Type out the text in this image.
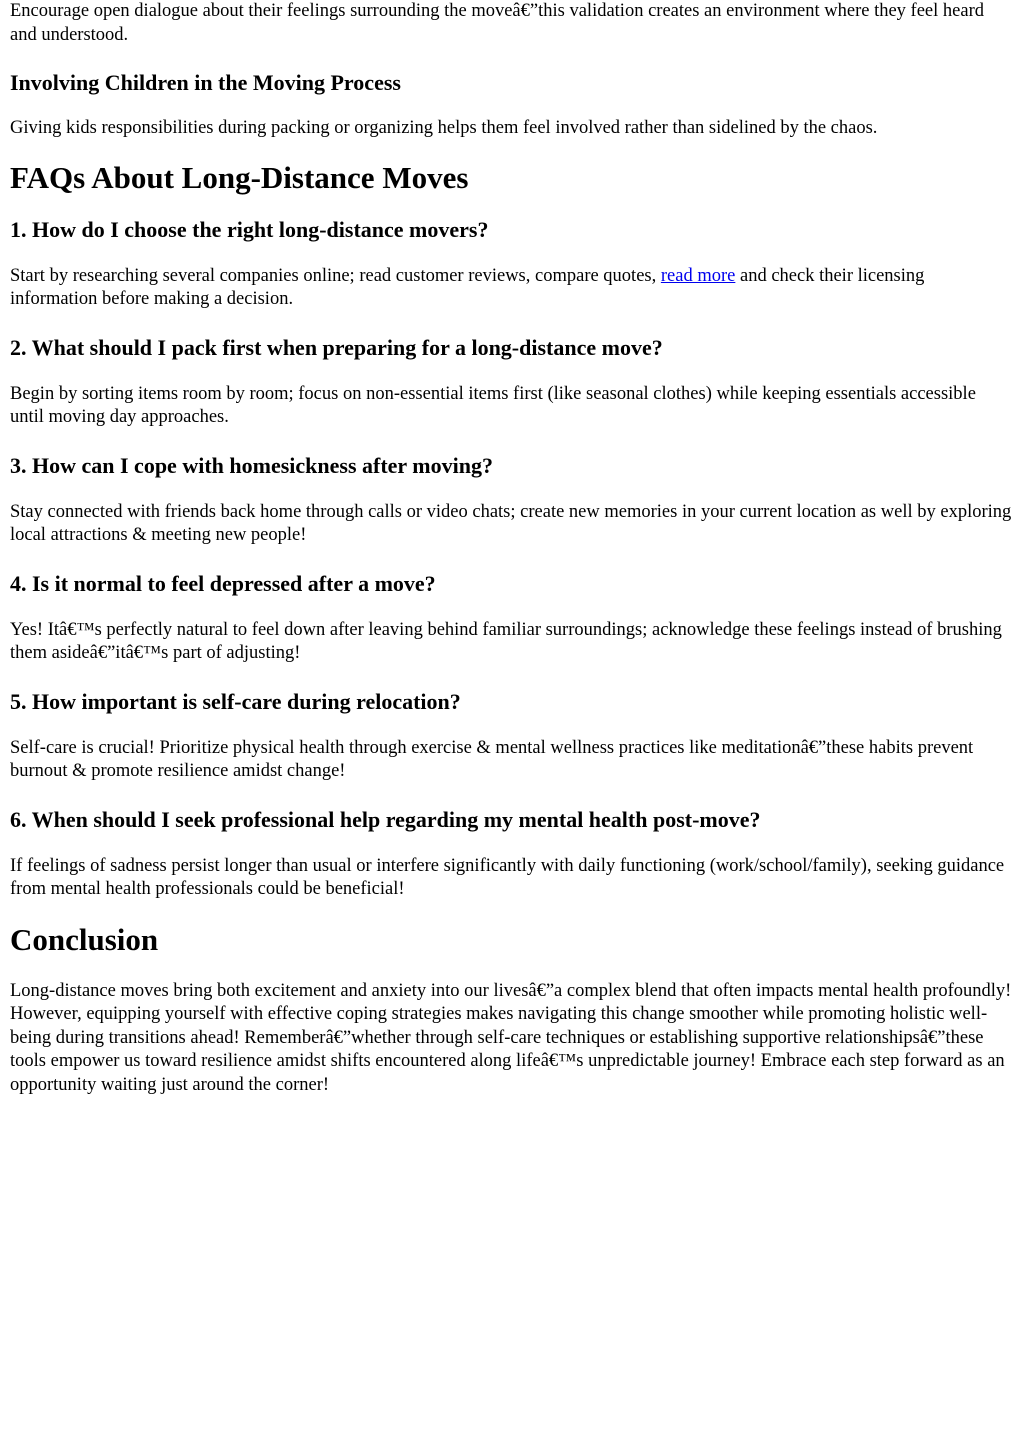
Encourage open dialogue about their feelings surrounding the moveâ€”this validation creates an environment where they feel heard and understood.

Involving Children in the Moving Process

Giving kids responsibilities during packing or organizing helps them feel involved rather than sidelined by the chaos.

FAQs About Long-Distance Moves
1. How do I choose the right long-distance movers?

Start by researching several companies online; read customer reviews, compare quotes, read more and check their licensing information before making a decision.

2. What should I pack first when preparing for a long-distance move?

Begin by sorting items room by room; focus on non-essential items first (like seasonal clothes) while keeping essentials accessible until moving day approaches.

3. How can I cope with homesickness after moving?

Stay connected with friends back home through calls or video chats; create new memories in your current location as well by exploring local attractions & meeting new people!

4. Is it normal to feel depressed after a move?

Yes! Itâ€™s perfectly natural to feel down after leaving behind familiar surroundings; acknowledge these feelings instead of brushing them asideâ€”itâ€™s part of adjusting!

5. How important is self-care during relocation?

Self-care is crucial! Prioritize physical health through exercise & mental wellness practices like meditationâ€”these habits prevent burnout & promote resilience amidst change!

6. When should I seek professional help regarding my mental health post-move?

If feelings of sadness persist longer than usual or interfere significantly with daily functioning (work/school/family), seeking guidance from mental health professionals could be beneficial!

Conclusion

Long-distance moves bring both excitement and anxiety into our livesâ€”a complex blend that often impacts mental health profoundly! However, equipping yourself with effective coping strategies makes navigating this change smoother while promoting holistic well-being during transitions ahead! Rememberâ€”whether through self-care techniques or establishing supportive relationshipsâ€”these tools empower us toward resilience amidst shifts encountered along lifeâ€™s unpredictable journey! Embrace each step forward as an opportunity waiting just around the corner!
